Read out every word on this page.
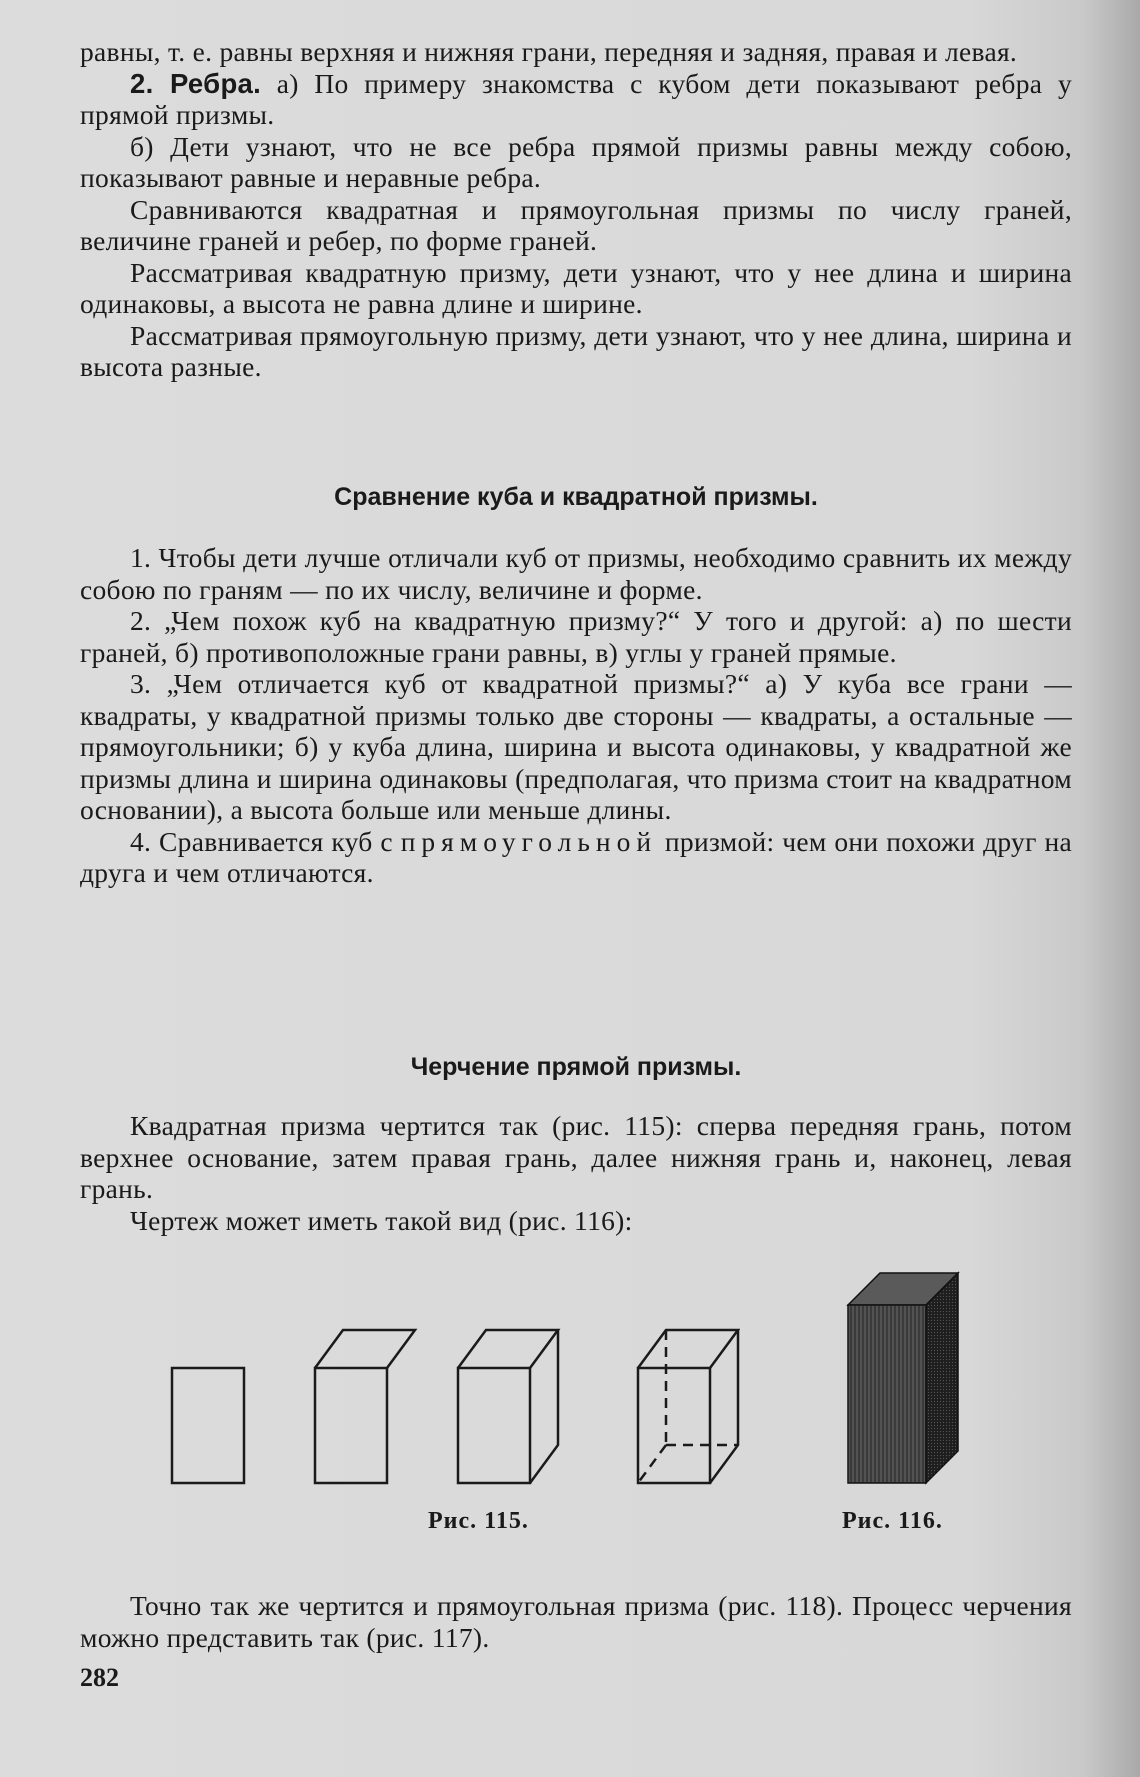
равны, т. е. равны верхняя и нижняя грани, передняя и задняя, правая и левая.

2. Ребра. а) По примеру знакомства с кубом дети показывают ребра у прямой призмы.

б) Дети узнают, что не все ребра прямой призмы равны между собою, показывают равные и неравные ребра.

Сравниваются квадратная и прямоугольная призмы по числу граней, величине граней и ребер, по форме граней.

Рассматривая квадратную призму, дети узнают, что у нее длина и ширина одинаковы, а высота не равна длине и ширине.

Рассматривая прямоугольную призму, дети узнают, что у нее длина, ширина и высота разные.

Сравнение куба и квадратной призмы.

1. Чтобы дети лучше отличали куб от призмы, необходимо сравнить их между собою по граням — по их числу, величине и форме.

2. „Чем похож куб на квадратную призму?“ У того и другой: а) по шести граней, б) противоположные грани равны, в) углы у граней прямые.

3. „Чем отличается куб от квадратной призмы?“ а) У куба все грани — квадраты, у квадратной призмы только две стороны — квадраты, а остальные — прямоугольники; б) у куба длина, ширина и высота одинаковы, у квадратной же призмы длина и ширина одинаковы (предполагая, что призма стоит на квадратном основании), а высота больше или меньше длины.

4. Сравнивается куб с прямоугольной призмой: чем они похожи друг на друга и чем отличаются.

Черчение прямой призмы.

Квадратная призма чертится так (рис. 115): сперва передняя грань, потом верхнее основание, затем правая грань, далее нижняя грань и, наконец, левая грань.

Чертеж может иметь такой вид (рис. 116):

Рис. 115.	Рис. 116.

Точно так же чертится и прямоугольная призма (рис. 118). Процесс черчения можно представить так (рис. 117).

282
